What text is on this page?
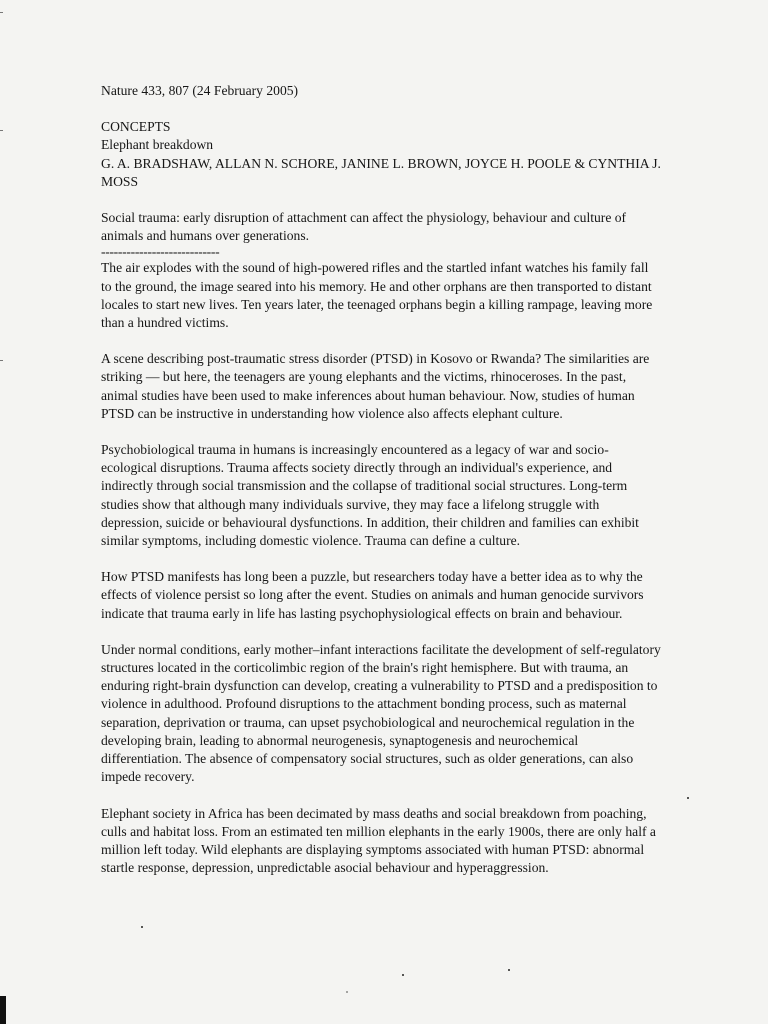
Nature 433, 807 (24 February 2005)

CONCEPTS

Elephant breakdown

G. A. BRADSHAW, ALLAN N. SCHORE, JANINE L. BROWN, JOYCE H. POOLE & CYNTHIA J. MOSS

Social trauma: early disruption of attachment can affect the physiology, behaviour and culture of animals and humans over generations.

----------------------------

The air explodes with the sound of high-powered rifles and the startled infant watches his family fall to the ground, the image seared into his memory. He and other orphans are then transported to distant locales to start new lives. Ten years later, the teenaged orphans begin a killing rampage, leaving more than a hundred victims.

A scene describing post-traumatic stress disorder (PTSD) in Kosovo or Rwanda? The similarities are striking — but here, the teenagers are young elephants and the victims, rhinoceroses. In the past, animal studies have been used to make inferences about human behaviour. Now, studies of human PTSD can be instructive in understanding how violence also affects elephant culture.

Psychobiological trauma in humans is increasingly encountered as a legacy of war and socio-ecological disruptions. Trauma affects society directly through an individual's experience, and indirectly through social transmission and the collapse of traditional social structures. Long-term studies show that although many individuals survive, they may face a lifelong struggle with depression, suicide or behavioural dysfunctions. In addition, their children and families can exhibit similar symptoms, including domestic violence. Trauma can define a culture.

How PTSD manifests has long been a puzzle, but researchers today have a better idea as to why the effects of violence persist so long after the event. Studies on animals and human genocide survivors indicate that trauma early in life has lasting psychophysiological effects on brain and behaviour.

Under normal conditions, early mother–infant interactions facilitate the development of self-regulatory structures located in the corticolimbic region of the brain's right hemisphere. But with trauma, an enduring right-brain dysfunction can develop, creating a vulnerability to PTSD and a predisposition to violence in adulthood. Profound disruptions to the attachment bonding process, such as maternal separation, deprivation or trauma, can upset psychobiological and neurochemical regulation in the developing brain, leading to abnormal neurogenesis, synaptogenesis and neurochemical differentiation. The absence of compensatory social structures, such as older generations, can also impede recovery.

Elephant society in Africa has been decimated by mass deaths and social breakdown from poaching, culls and habitat loss. From an estimated ten million elephants in the early 1900s, there are only half a million left today. Wild elephants are displaying symptoms associated with human PTSD: abnormal startle response, depression, unpredictable asocial behaviour and hyperaggression.
